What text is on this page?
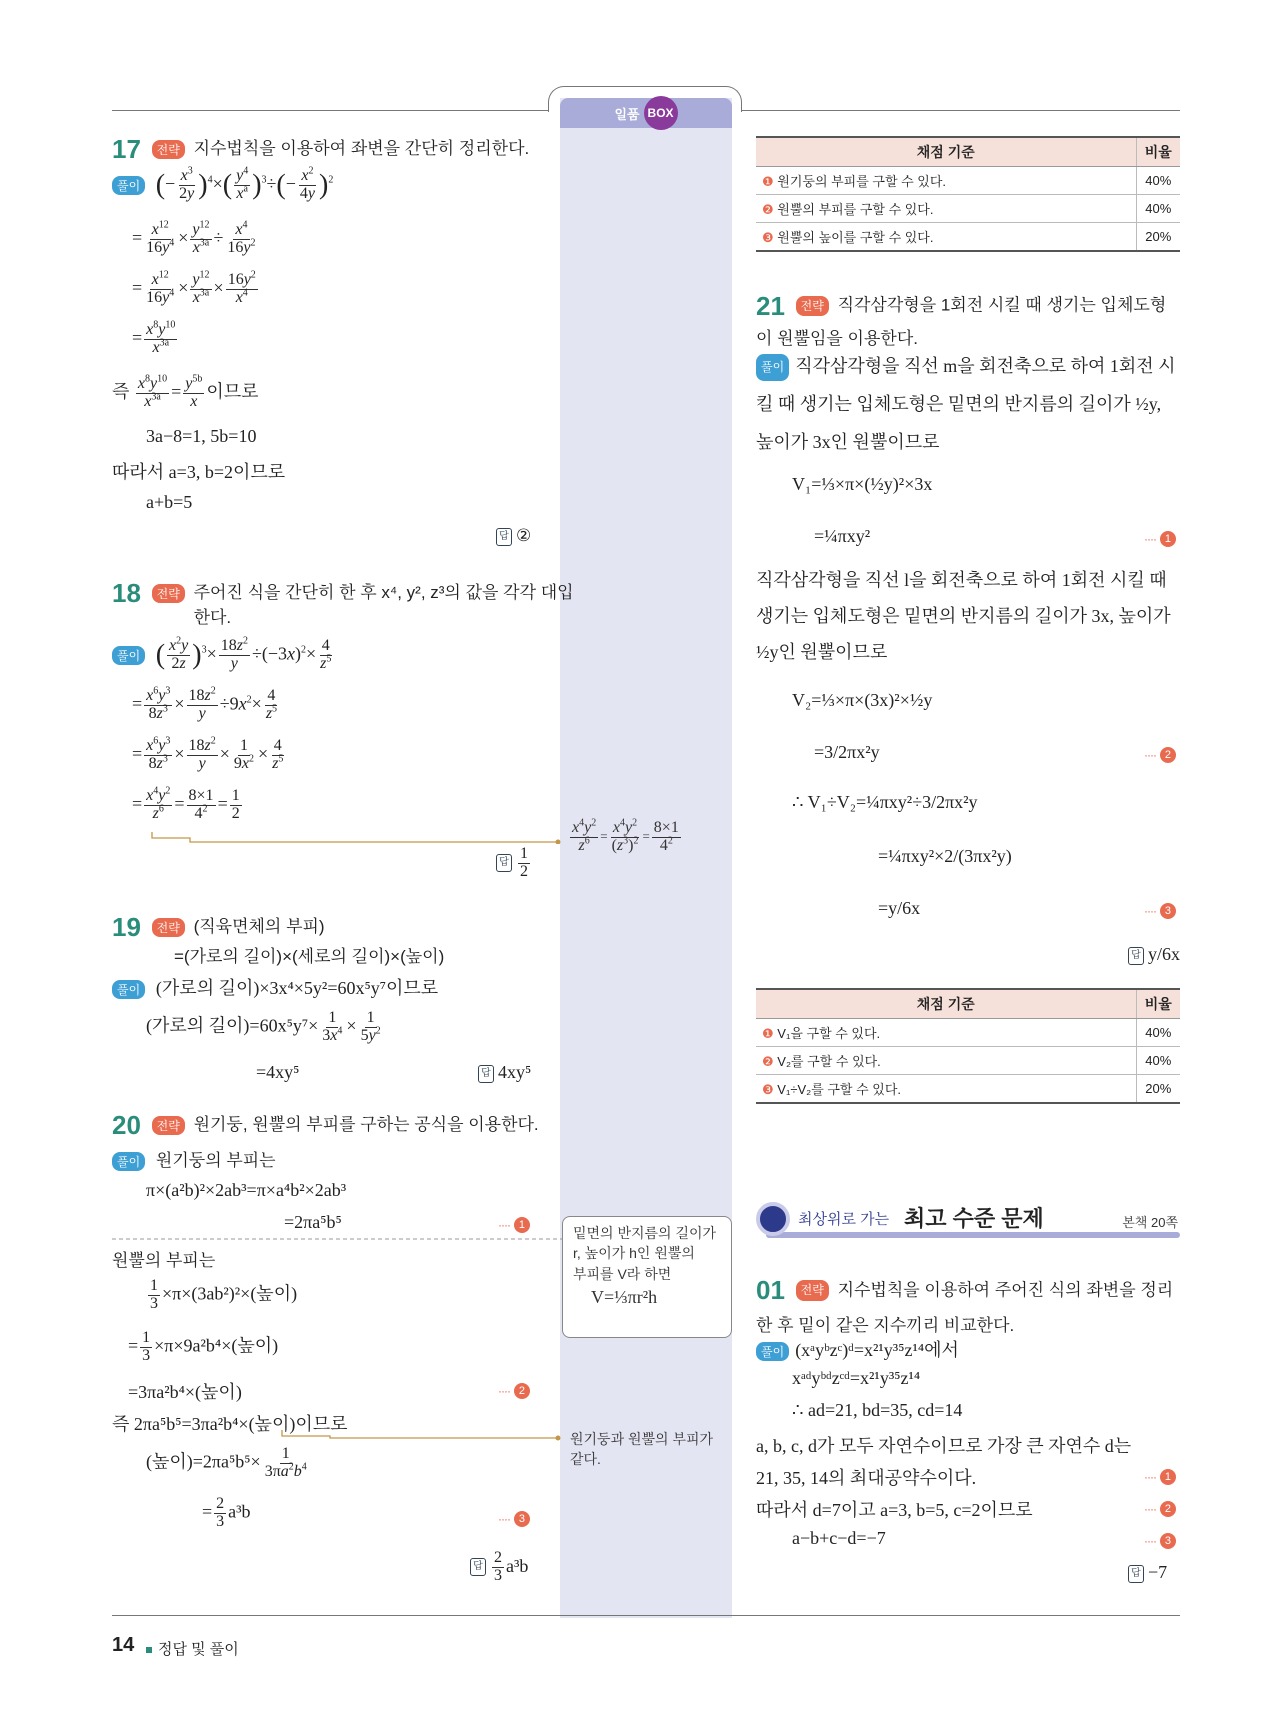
일품 BOX
17 전략 지수법칙을 이용하여 좌변을 간단히 정리한다.
풀이 (− $\frac{x^3}{2y} )^4\times( \frac{y^4}{x^a} )^3\div(- \frac{x^2}{4y} )^2$
= $\frac{x^{12}}{16y^4} \times \frac{y^{12}}{x^{3a}} \div \frac{x^4}{16y^2}$
= $\frac{x^{12}}{16y^4} \times \frac{y^{12}}{x^{3a}} \times \frac{16y^2}{x^4}$
= $\frac{x^8y^{10}}{x^{3a}}$
즉 $\frac{x^8y^{10}}{x^{3a}} = \frac{y^{5b}}{x}$ 이므로
3a−8=1, 5b=10
따라서 a=3, b=2이므로
a+b=5
답 ②
18 전략 주어진 식을 간단히 한 후 x⁴, y², z³의 값을 각각 대입한다.
풀이 ( $\frac{x^2y}{2z} )^3\times \frac{18z^2}{y} \div(-3x)^2\times \frac{4}{z^5}$
= $\frac{x^6y^3}{8z^3} \times \frac{18z^2}{y} \div 9x^2\times \frac{4}{z^5}$
= $\frac{x^6y^3}{8z^3} \times \frac{18z^2}{y} \times \frac{1}{9x^2} \times \frac{4}{z^5}$
= $\frac{x^4y^2}{z^6} = \frac{8\times 1}{4^2} = \frac{1}{2}$
답 $\frac{1}{2}$
19 전략 (직육면체의 부피)
=(가로의 길이)×(세로의 길이)×(높이)
풀이 (가로의 길이)×3x⁴×5y²=60x⁵y⁷이므로
(가로의 길이)$=60x^5y^7\times \frac{1}{3x^4} \times \frac{1}{5y^2}$
=4xy⁵	답 4xy⁵
20 전략 원기둥, 원뿔의 부피를 구하는 공식을 이용한다.
풀이 원기둥의 부피는
π×(a²b)²×2ab³=π×a⁴b²×2ab³
=2πa⁵b⁵	···· 1
원뿔의 부피는
$\frac{1}{3} \times\pi\times(3ab^2)^2\times$(높이)
= $\frac{1}{3} \times\pi\times 9a^2b^4\times$(높이)
=3πa²b⁴×(높이)	···· 2
즉 2πa⁵b⁵=3πa²b⁴×(높이)이므로
(높이)$=2\pi a^5b^5\times \frac{1}{3\pi a^2b^4}$
= $\frac{2}{3} a^3b$	···· 3
답 $\frac{2}{3} a^3b$
$\frac{x^4y^2}{z^6} = \frac{x^4y^2}{(z^3)^2} = \frac{8\times 1}{4^2}$
밑면의 반지름의 길이가
r, 높이가 h인 원뿔의
부피를 V라 하면
V=⅓πr²h
원기둥과 원뿔의 부피가
같다.
채점 기준	비율
❶ 원기둥의 부피를 구할 수 있다.	40%
❷ 원뿔의 부피를 구할 수 있다.	40%
❸ 원뿔의 높이를 구할 수 있다.	20%
21 전략 직각삼각형을 1회전 시킬 때 생기는 입체도형이 원뿔임을 이용한다.
풀이 직각삼각형을 직선 m을 회전축으로 하여 1회전 시킬 때 생기는 입체도형은 밑면의 반지름의 길이가 ½y,
높이가 3x인 원뿔이므로
V₁=⅓×π×(½y)²×3x
=¼πxy²	···· 1
직각삼각형을 직선 l을 회전축으로 하여 1회전 시킬 때 생기는 입체도형은 밑면의 반지름의 길이가 3x, 높이가
½y인 원뿔이므로
V₂=⅓×π×(3x)²×½y
=3/2πx²y	···· 2
∴ V₁÷V₂=¼πxy²÷3/2πx²y
=¼πxy²×2/(3πx²y)
=y/6x	···· 3
답 y/6x
채점 기준	비율
❶ V₁을 구할 수 있다.	40%
❷ V₂를 구할 수 있다.	40%
❸ V₁÷V₂를 구할 수 있다.	20%
최상위로 가는 최고 수준 문제	본책 20쪽
01 전략 지수법칙을 이용하여 주어진 식의 좌변을 정리한 후 밑이 같은 지수끼리 비교한다.
풀이 (xᵃyᵇzᶜ)ᵈ=x²¹y³⁵z¹⁴에서
xᵃᵈyᵇᵈzᶜᵈ=x²¹y³⁵z¹⁴
∴ ad=21, bd=35, cd=14
a, b, c, d가 모두 자연수이므로 가장 큰 자연수 d는
21, 35, 14의 최대공약수이다.	···· 1
따라서 d=7이고 a=3, b=5, c=2이므로	···· 2
a−b+c−d=−7	···· 3
답 −7
14	정답 및 풀이
